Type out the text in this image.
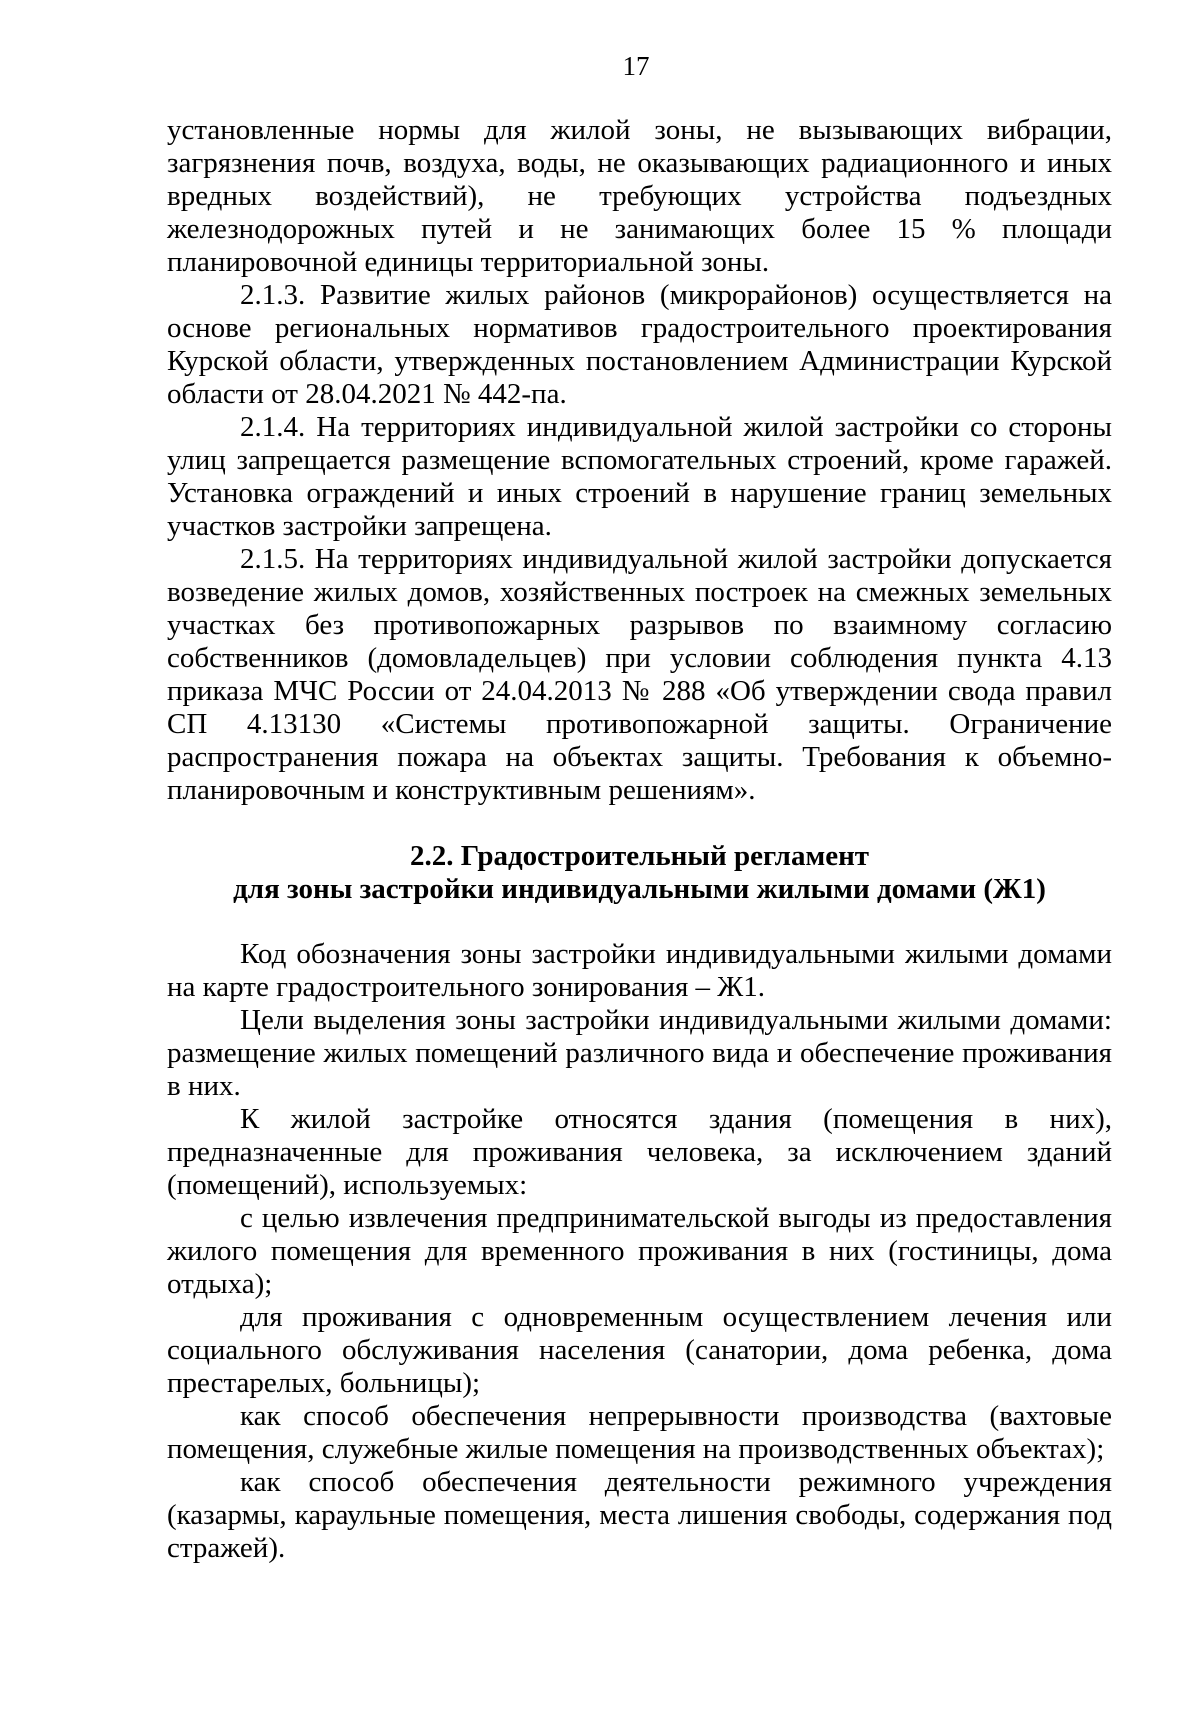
17

установленные нормы для жилой зоны, не вызывающих вибрации, загрязнения почв, воздуха, воды, не оказывающих радиационного и иных вредных воздействий), не требующих устройства подъездных железнодорожных путей и не занимающих более 15 % площади планировочной единицы территориальной зоны.

2.1.3. Развитие жилых районов (микрорайонов) осуществляется на основе региональных нормативов градостроительного проектирования Курской области, утвержденных постановлением Администрации Курской области от 28.04.2021 № 442-па.

2.1.4. На территориях индивидуальной жилой застройки со стороны улиц запрещается размещение вспомогательных строений, кроме гаражей. Установка ограждений и иных строений в нарушение границ земельных участков застройки запрещена.

2.1.5. На территориях индивидуальной жилой застройки допускается возведение жилых домов, хозяйственных построек на смежных земельных участках без противопожарных разрывов по взаимному согласию собственников (домовладельцев) при условии соблюдения пункта 4.13 приказа МЧС России от 24.04.2013 № 288 «Об утверждении свода правил СП 4.13130 «Системы противопожарной защиты. Ограничение распространения пожара на объектах защиты. Требования к объемно-планировочным и конструктивным решениям».

2.2. Градостроительный регламент
для зоны застройки индивидуальными жилыми домами (Ж1)

Код обозначения зоны застройки индивидуальными жилыми домами на карте градостроительного зонирования – Ж1.

Цели выделения зоны застройки индивидуальными жилыми домами: размещение жилых помещений различного вида и обеспечение проживания в них.

К жилой застройке относятся здания (помещения в них), предназначенные для проживания человека, за исключением зданий (помещений), используемых:

с целью извлечения предпринимательской выгоды из предоставления жилого помещения для временного проживания в них (гостиницы, дома отдыха);

для проживания с одновременным осуществлением лечения или социального обслуживания населения (санатории, дома ребенка, дома престарелых, больницы);

как способ обеспечения непрерывности производства (вахтовые помещения, служебные жилые помещения на производственных объектах);

как способ обеспечения деятельности режимного учреждения (казармы, караульные помещения, места лишения свободы, содержания под стражей).
